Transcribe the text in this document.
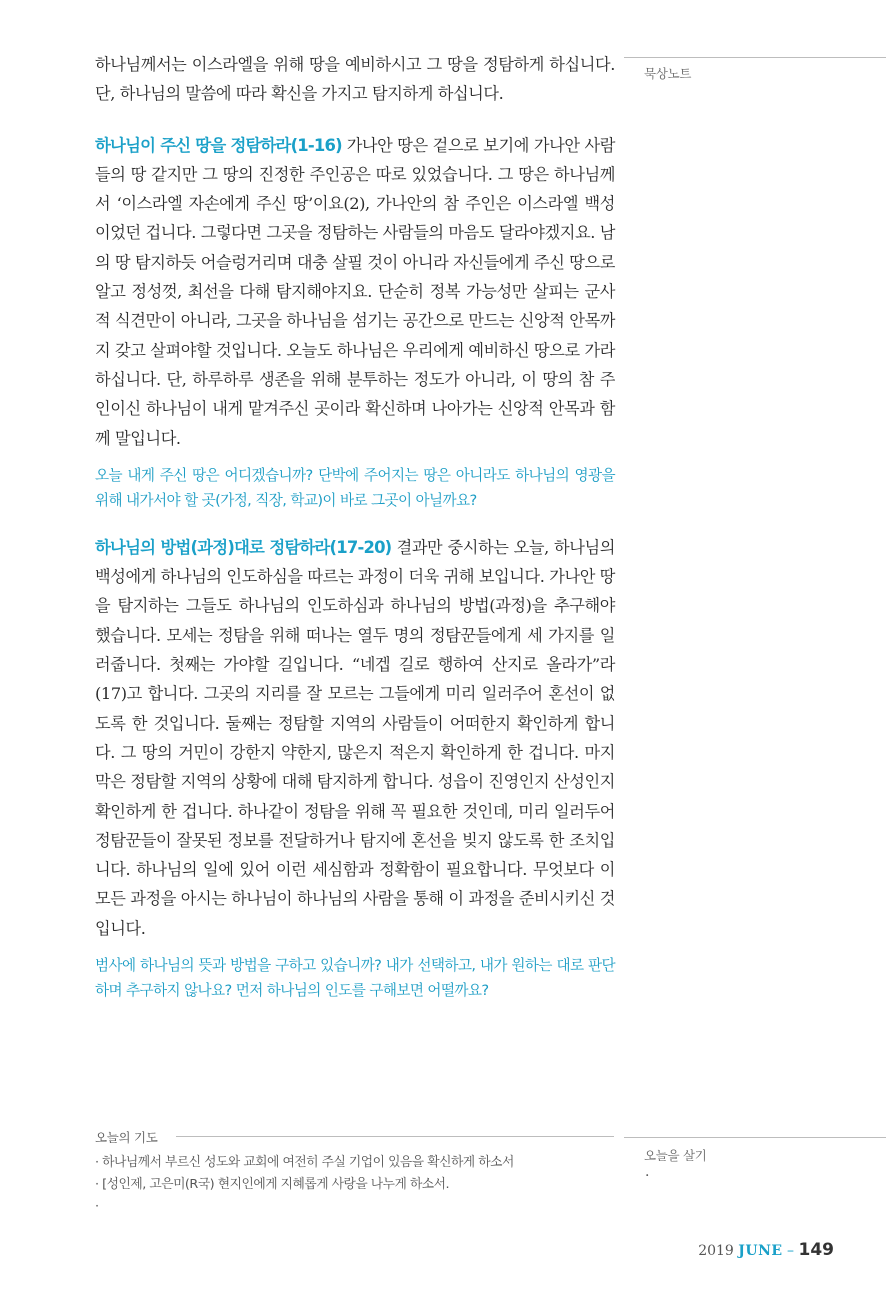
묵상노트

하나님께서는 이스라엘을 위해 땅을 예비하시고 그 땅을 정탐하게 하십니다. 단, 하나님의 말씀에 따라 확신을 가지고 탐지하게 하십니다.

하나님이 주신 땅을 정탐하라(1-16) 가나안 땅은 겉으로 보기에 가나안 사람들의 땅 같지만 그 땅의 진정한 주인공은 따로 있었습니다. 그 땅은 하나님께서 ‘이스라엘 자손에게 주신 땅’이요(2), 가나안의 참 주인은 이스라엘 백성이었던 겁니다. 그렇다면 그곳을 정탐하는 사람들의 마음도 달라야겠지요. 남의 땅 탐지하듯 어슬렁거리며 대충 살필 것이 아니라 자신들에게 주신 땅으로 알고 정성껏, 최선을 다해 탐지해야지요. 단순히 정복 가능성만 살피는 군사적 식견만이 아니라, 그곳을 하나님을 섬기는 공간으로 만드는 신앙적 안목까지 갖고 살펴야할 것입니다. 오늘도 하나님은 우리에게 예비하신 땅으로 가라 하십니다. 단, 하루하루 생존을 위해 분투하는 정도가 아니라, 이 땅의 참 주인이신 하나님이 내게 맡겨주신 곳이라 확신하며 나아가는 신앙적 안목과 함께 말입니다.

오늘 내게 주신 땅은 어디겠습니까? 단박에 주어지는 땅은 아니라도 하나님의 영광을 위해 내가서야 할 곳(가정, 직장, 학교)이 바로 그곳이 아닐까요?

하나님의 방법(과정)대로 정탐하라(17-20) 결과만 중시하는 오늘, 하나님의 백성에게 하나님의 인도하심을 따르는 과정이 더욱 귀해 보입니다. 가나안 땅을 탐지하는 그들도 하나님의 인도하심과 하나님의 방법(과정)을 추구해야 했습니다. 모세는 정탐을 위해 떠나는 열두 명의 정탐꾼들에게 세 가지를 일러줍니다. 첫째는 가야할 길입니다. “네겝 길로 행하여 산지로 올라가”라(17)고 합니다. 그곳의 지리를 잘 모르는 그들에게 미리 일러주어 혼선이 없도록 한 것입니다. 둘째는 정탐할 지역의 사람들이 어떠한지 확인하게 합니다. 그 땅의 거민이 강한지 약한지, 많은지 적은지 확인하게 한 겁니다. 마지막은 정탐할 지역의 상황에 대해 탐지하게 합니다. 성읍이 진영인지 산성인지 확인하게 한 겁니다. 하나같이 정탐을 위해 꼭 필요한 것인데, 미리 일러두어 정탐꾼들이 잘못된 정보를 전달하거나 탐지에 혼선을 빚지 않도록 한 조치입니다. 하나님의 일에 있어 이런 세심함과 정확함이 필요합니다. 무엇보다 이 모든 과정을 아시는 하나님이 하나님의 사람을 통해 이 과정을 준비시키신 것입니다.

범사에 하나님의 뜻과 방법을 구하고 있습니까? 내가 선택하고, 내가 원하는 대로 판단하며 추구하지 않나요? 먼저 하나님의 인도를 구해보면 어떨까요?

오늘의 기도
· 하나님께서 부르신 성도와 교회에 여전히 주실 기업이 있음을 확신하게 하소서
· [성인제, 고은미(R국) 현지인에게 지혜롭게 사랑을 나누게 하소서.
·
오늘을 살기
·
2019 JUNE – 149
